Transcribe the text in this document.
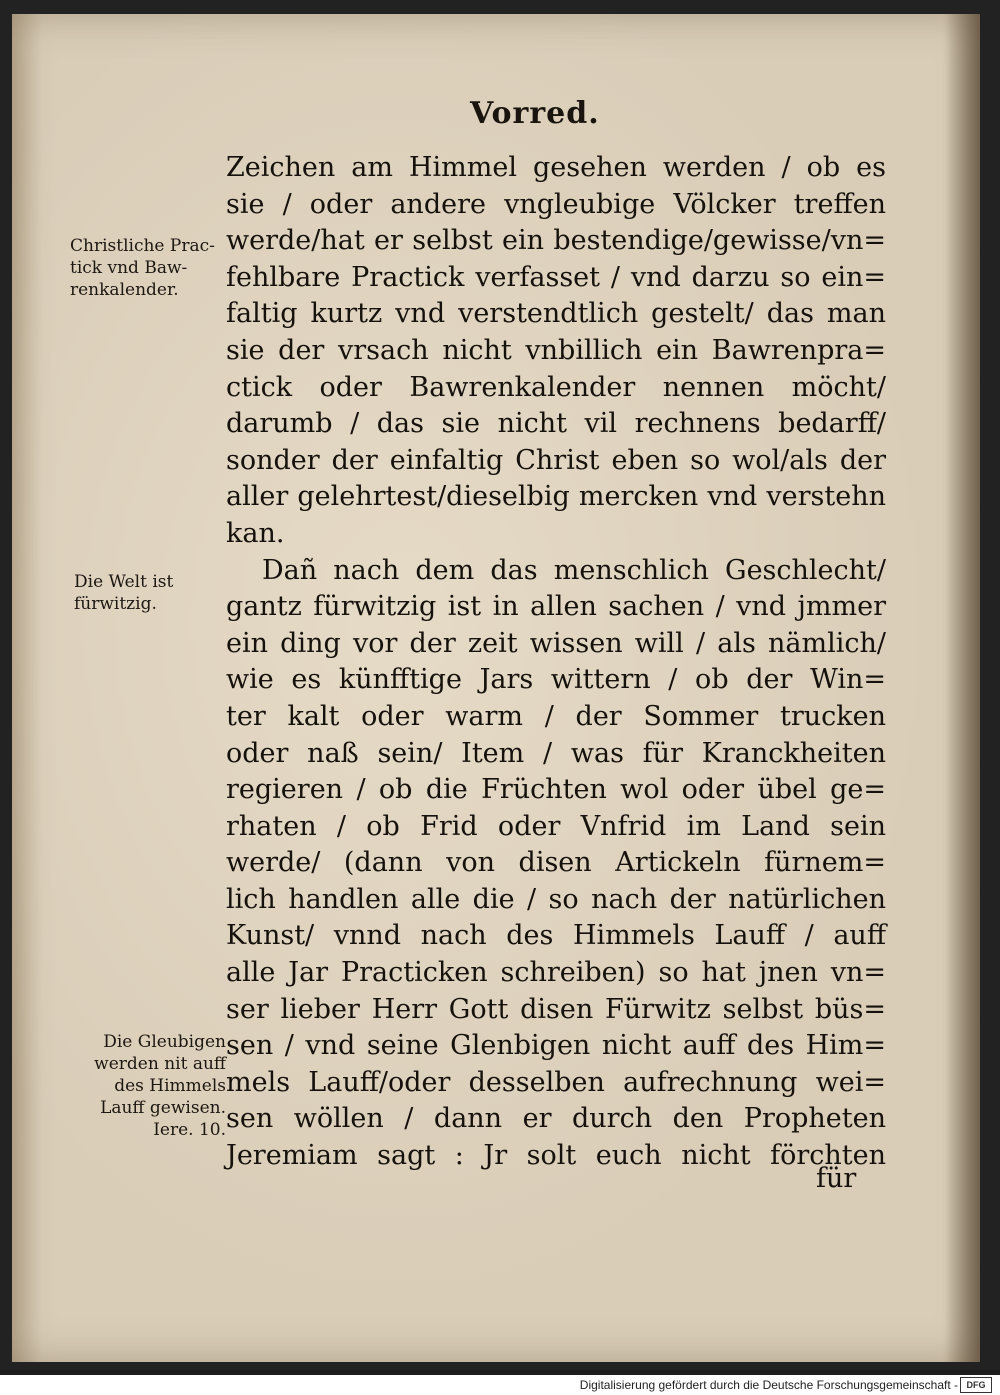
Vorred.
Zeichen am Himmel gesehen werden / ob es
sie / oder andere vngleubige Völcker treffen
werde/hat er selbst ein bestendige/gewisse/vn=
fehlbare Practick verfasset / vnd darzu so ein=
faltig kurtz vnd verstendtlich gestelt/ das man
sie der vrsach nicht vnbillich ein Bawrenpra=
ctick oder Bawrenkalender nennen möcht/
darumb / das sie nicht vil rechnens bedarff/
sonder der einfaltig Christ eben so wol/als der
aller gelehrtest/dieselbig mercken vnd verstehn
kan.
Dañ nach dem das menschlich Geschlecht/
gantz fürwitzig ist in allen sachen / vnd jmmer
ein ding vor der zeit wissen will / als nämlich/
wie es künfftige Jars wittern / ob der Win=
ter kalt oder warm / der Sommer trucken
oder naß sein/ Item / was für Kranckheiten
regieren / ob die Früchten wol oder übel ge=
rhaten / ob Frid oder Vnfrid im Land sein
werde/ (dann von disen Artickeln fürnem=
lich handlen alle die / so nach der natürlichen
Kunst/ vnnd nach des Himmels Lauff / auff
alle Jar Practicken schreiben) so hat jnen vn=
ser lieber Herr Gott disen Fürwitz selbst büs=
sen / vnd seine Glenbigen nicht auff des Him=
mels Lauff/oder desselben aufrechnung wei=
sen wöllen / dann er durch den Propheten
Jeremiam sagt : Jr solt euch nicht förchten
für
Christliche Prac-
tick vnd Baw-
renkalender.
Die Welt ist
fürwitzig.
Die Gleubigen
werden nit auff
des Himmels
Lauff gewisen.
Iere. 10.
Digitalisierung gefördert durch die Deutsche Forschungsgemeinschaft - DFG
